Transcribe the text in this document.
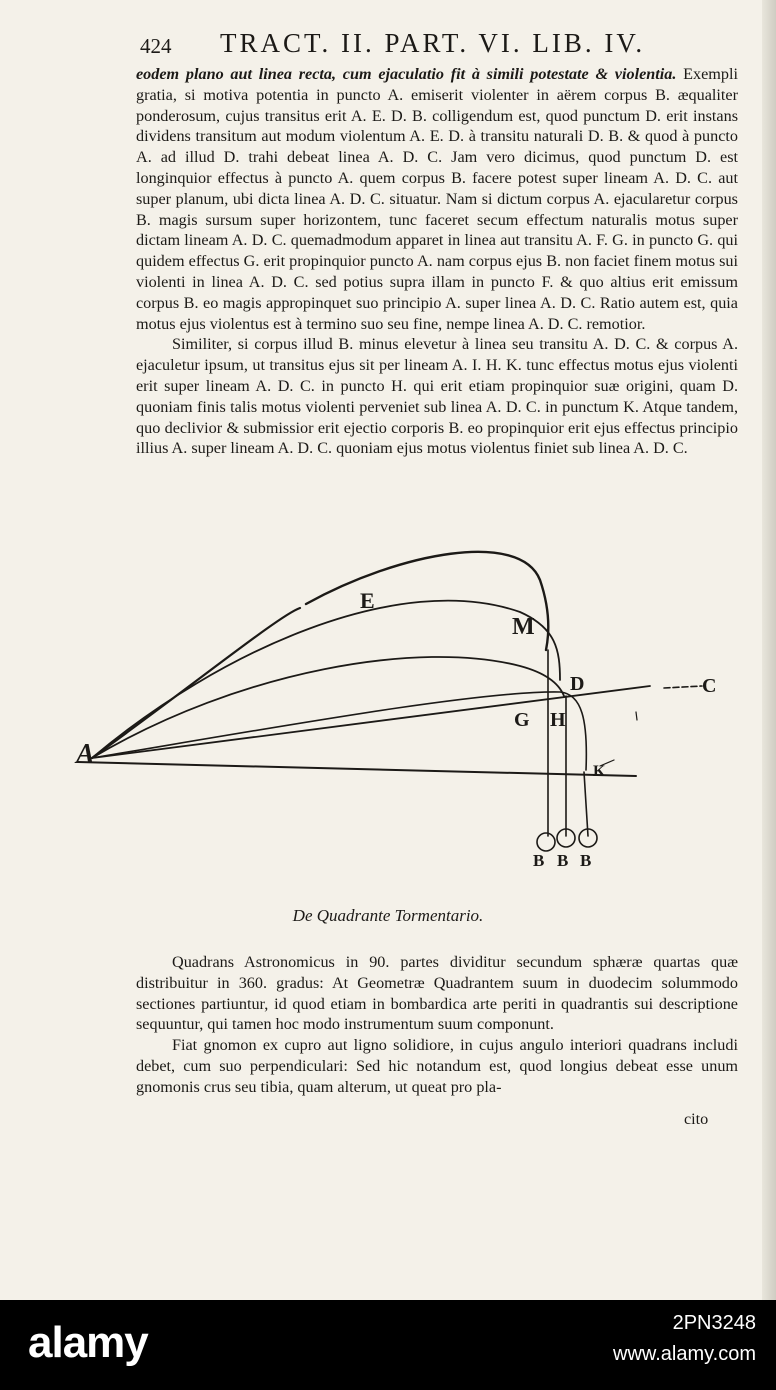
424 TRACT. II. PART. VI. LIB. IV.

eodem plano aut linea recta, cum ejaculatio fit à simili potestate & violentia. Exempli gratia, si motiva potentia in puncto A. emiserit violenter in aërem corpus B. æqualiter ponderosum, cujus transitus erit A. E. D. B. colligendum est, quod punctum D. erit instans dividens transitum aut modum violentum A. E. D. à transitu naturali D. B. & quod à puncto A. ad illud D. trahi debeat linea A. D. C. Jam vero dicimus, quod punctum D. est longinquior effectus à puncto A. quem corpus B. facere potest super lineam A. D. C. aut super planum, ubi dicta linea A. D. C. situatur. Nam si dictum corpus A. ejacularetur corpus B. magis sursum super horizontem, tunc faceret secum effectum naturalis motus super dictam lineam A. D. C. quemadmodum apparet in linea aut transitu A. F. G. in puncto G. qui quidem effectus G. erit propinquior puncto A. nam corpus ejus B. non faciet finem motus sui violenti in linea A. D. C. sed potius supra illam in puncto F. & quo altius erit emissum corpus B. eo magis appropinquet suo principio A. super linea A. D. C. Ratio autem est, quia motus ejus violentus est à termino suo seu fine, nempe linea A. D. C. remotior.

Similiter, si corpus illud B. minus elevetur à linea seu transitu A. D. C. & corpus A. ejaculetur ipsum, ut transitus ejus sit per lineam A. I. H. K. tunc effectus motus ejus violenti erit super lineam A. D. C. in puncto H. qui erit etiam propinquior suæ origini, quam D. quoniam finis talis motus violenti perveniet sub linea A. D. C. in punctum K. Atque tandem, quo declivior & submissior erit ejectio corporis B. eo propinquior erit ejus effectus principio illius A. super lineam A. D. C. quoniam ejus motus violentus finiet sub linea A. D. C.

A
E
M
D	C
G H
K
B B B
De Quadrante Tormentario.

Quadrans Astronomicus in 90. partes dividitur secundum sphæræ quartas quæ distribuitur in 360. gradus: At Geometræ Quadrantem suum in duodecim solummodo sectiones partiuntur, id quod etiam in bombardica arte periti in quadrantis sui descriptione sequuntur, qui tamen hoc modo instrumentum suum componunt.

Fiat gnomon ex cupro aut ligno solidiore, in cujus angulo interiori quadrans includi debet, cum suo perpendiculari: Sed hic notandum est, quod longius debeat esse unum gnomonis crus seu tibia, quam alterum, ut queat pro pla-

cito
alamy	2PN3248
www.alamy.com
